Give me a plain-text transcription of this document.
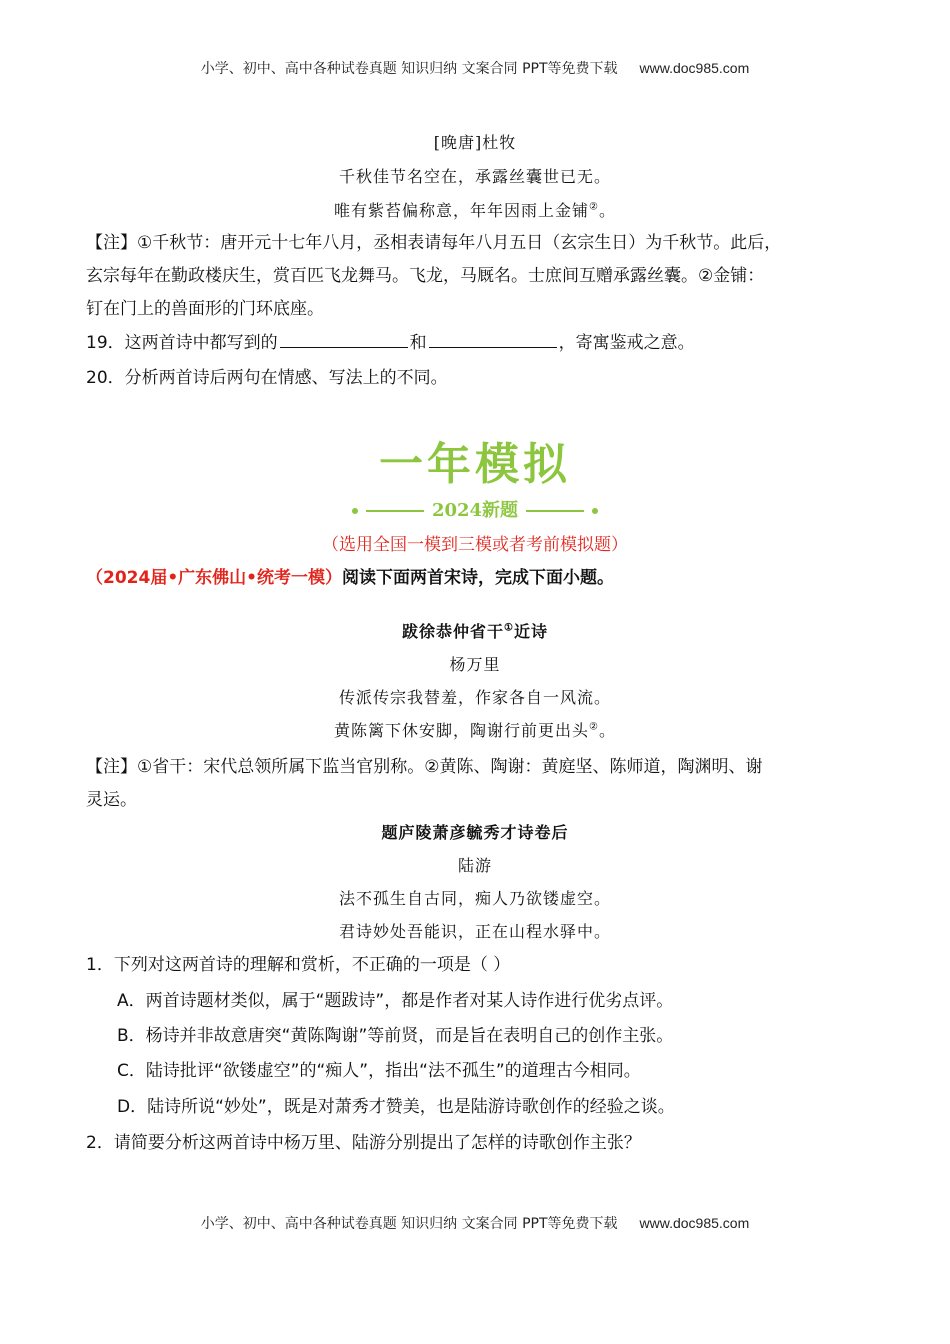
小学、初中、高中各种试卷真题 知识归纳 文案合同 PPT等免费下载 www.doc985.com
[晚唐]杜牧
千秋佳节名空在，承露丝囊世已无。
唯有紫苔偏称意，年年因雨上金铺②。
【注】①千秋节：唐开元十七年八月，丞相表请每年八月五日（玄宗生日）为千秋节。此后，
玄宗每年在勤政楼庆生，赏百匹飞龙舞马。飞龙，马厩名。士庶间互赠承露丝囊。②金铺：
钉在门上的兽面形的门环底座。
19．这两首诗中都写到的	和	，寄寓鉴戒之意。
20．分析两首诗后两句在情感、写法上的不同。
一年模拟
2024新题
（选用全国一模到三模或者考前模拟题）
（2024届•广东佛山•统考一模）阅读下面两首宋诗，完成下面小题。
跋徐恭仲省干①近诗
杨万里
传派传宗我替羞，作家各自一风流。
黄陈篱下休安脚，陶谢行前更出头②。
【注】①省干：宋代总领所属下监当官别称。②黄陈、陶谢：黄庭坚、陈师道，陶渊明、谢
灵运。
题庐陵萧彦毓秀才诗卷后
陆游
法不孤生自古同，痴人乃欲镂虚空。
君诗妙处吾能识，正在山程水驿中。
1．下列对这两首诗的理解和赏析，不正确的一项是（ ）
A．两首诗题材类似，属于“题跋诗”，都是作者对某人诗作进行优劣点评。
B．杨诗并非故意唐突“黄陈陶谢”等前贤，而是旨在表明自己的创作主张。
C．陆诗批评“欲镂虚空”的“痴人”，指出“法不孤生”的道理古今相同。
D．陆诗所说“妙处”，既是对萧秀才赞美，也是陆游诗歌创作的经验之谈。
2．请简要分析这两首诗中杨万里、陆游分别提出了怎样的诗歌创作主张？
小学、初中、高中各种试卷真题 知识归纳 文案合同 PPT等免费下载 www.doc985.com
